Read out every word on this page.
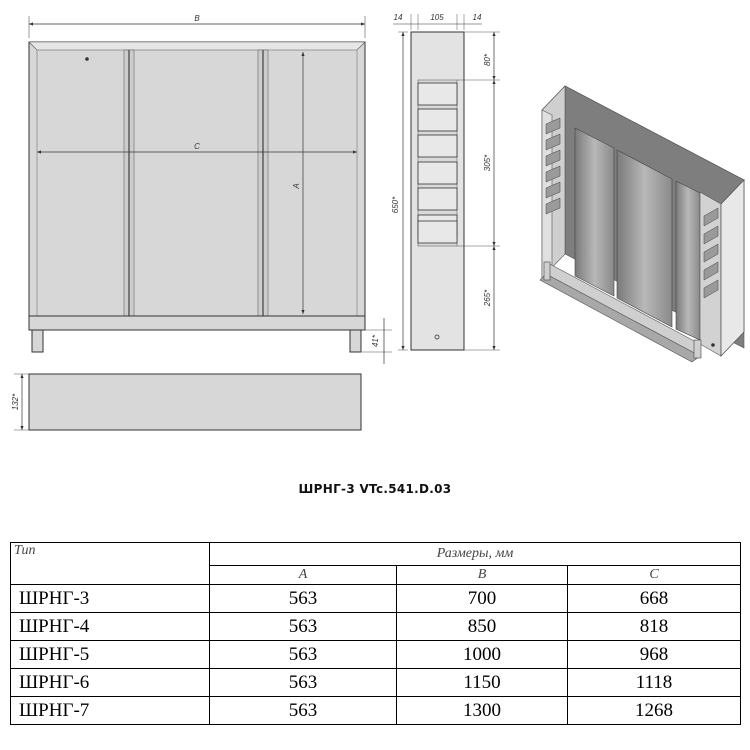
B
C
A
41*
132*
14	105	14
650*
80*
305*
265*
ШРНГ-3 VTc.541.D.03
Тип	Размеры, мм		
	A	B	C
ШРНГ-3	563	700	668
ШРНГ-4	563	850	818
ШРНГ-5	563	1000	968
ШРНГ-6	563	1150	1118
ШРНГ-7	563	1300	1268
